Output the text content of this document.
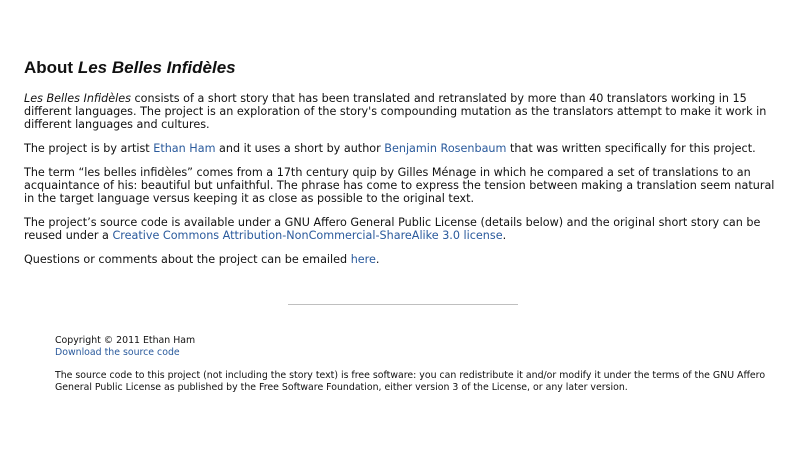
About Les Belles Infidèles

Les Belles Infidèles consists of a short story that has been translated and retranslated by more than 40 translators working in 15 different languages. The project is an exploration of the story's compounding mutation as the translators attempt to make it work in different languages and cultures.

The project is by artist Ethan Ham and it uses a short by author Benjamin Rosenbaum that was written specifically for this project.

The term “les belles infidèles” comes from a 17th century quip by Gilles Ménage in which he compared a set of translations to an acquaintance of his: beautiful but unfaithful. The phrase has come to express the tension between making a translation seem natural in the target language versus keeping it as close as possible to the original text.

The project’s source code is available under a GNU Affero General Public License (details below) and the original short story can be reused under a Creative Commons Attribution-NonCommercial-ShareAlike 3.0 license.

Questions or comments about the project can be emailed here.

Copyright © 2011 Ethan Ham

Download the source code

The source code to this project (not including the story text) is free software: you can redistribute it and/or modify it under the terms of the GNU Affero General Public License as published by the Free Software Foundation, either version 3 of the License, or any later version.
